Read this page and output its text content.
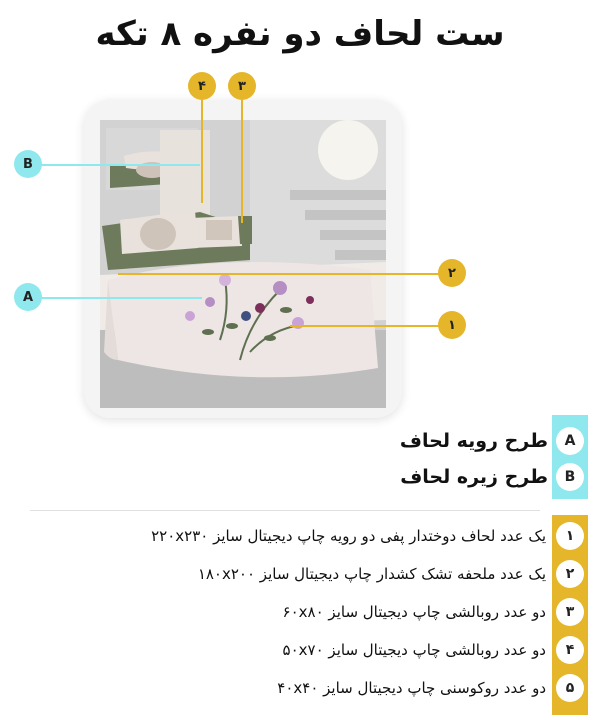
ست لحاف دو نفره ۸ تکه
۴	۳
B
A
۲
۱
A
B
طرح رویه لحاف
طرح زیره لحاف
۱
۲
۳
۴
۵
یک عدد لحاف دوختدار پفی دو رویه چاپ دیجیتال سایز ۲۲۰x۲۳۰
یک عدد ملحفه تشک کشدار چاپ دیجیتال سایز ۱۸۰x۲۰۰
دو عدد روبالشی چاپ دیجیتال سایز ۶۰x۸۰
دو عدد روبالشی چاپ دیجیتال سایز ۵۰x۷۰
دو عدد روکوسنی چاپ دیجیتال سایز ۴۰x۴۰
